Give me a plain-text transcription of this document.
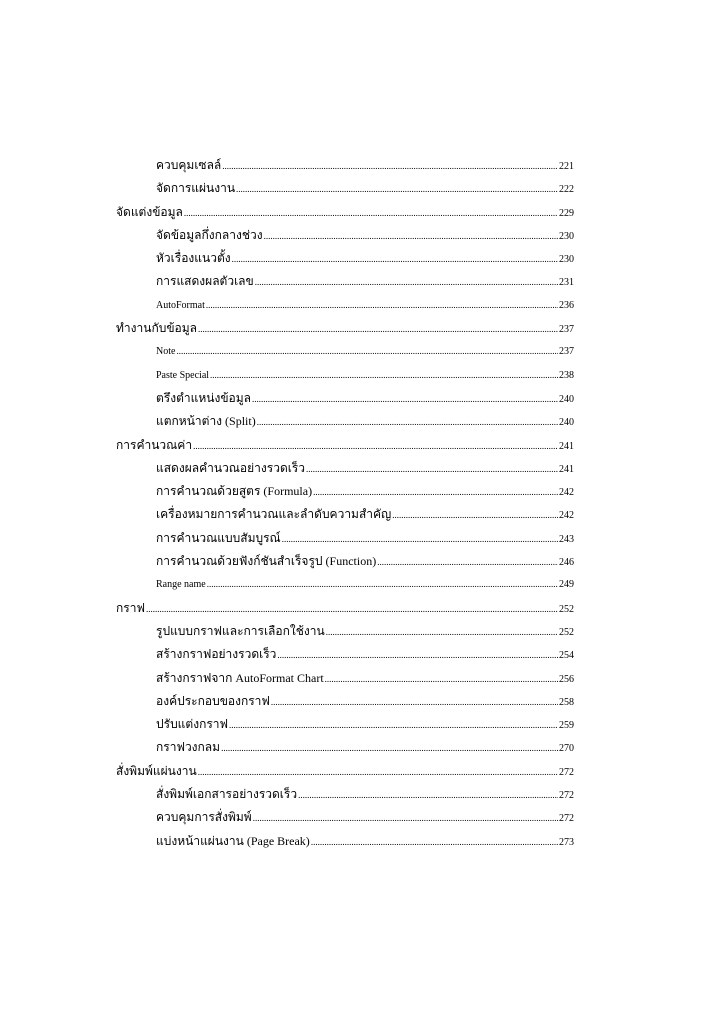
ควบคุมเซลล์ .....	221
จัดการแผ่นงาน .....	222
จัดแต่งข้อมูล .....	229
จัดข้อมูลกึ่งกลางช่วง .....	230
หัวเรื่องแนวตั้ง .....	230
การแสดงผลตัวเลข .....	231
AutoFormat .....	236
ทำงานกับข้อมูล .....	237
Note .....	237
Paste Special .....	238
ตรึงตำแหน่งข้อมูล .....	240
แตกหน้าต่าง (Split) .....	240
การคำนวณค่า .....	241
แสดงผลคำนวณอย่างรวดเร็ว .....	241
การคำนวณด้วยสูตร (Formula) .....	242
เครื่องหมายการคำนวณและลำดับความสำคัญ .....	242
การคำนวณแบบสัมบูรณ์ .....	243
การคำนวณด้วยฟังก์ชันสำเร็จรูป (Function) .....	246
Range name .....	249
กราฟ .....	252
รูปแบบกราฟและการเลือกใช้งาน .....	252
สร้างกราฟอย่างรวดเร็ว .....	254
สร้างกราฟจาก AutoFormat Chart .....	256
องค์ประกอบของกราฟ .....	258
ปรับแต่งกราฟ .....	259
กราฟวงกลม .....	270
สั่งพิมพ์แผ่นงาน .....	272
สั่งพิมพ์เอกสารอย่างรวดเร็ว .....	272
ควบคุมการสั่งพิมพ์ .....	272
แบ่งหน้าแผ่นงาน (Page Break) .....	273
